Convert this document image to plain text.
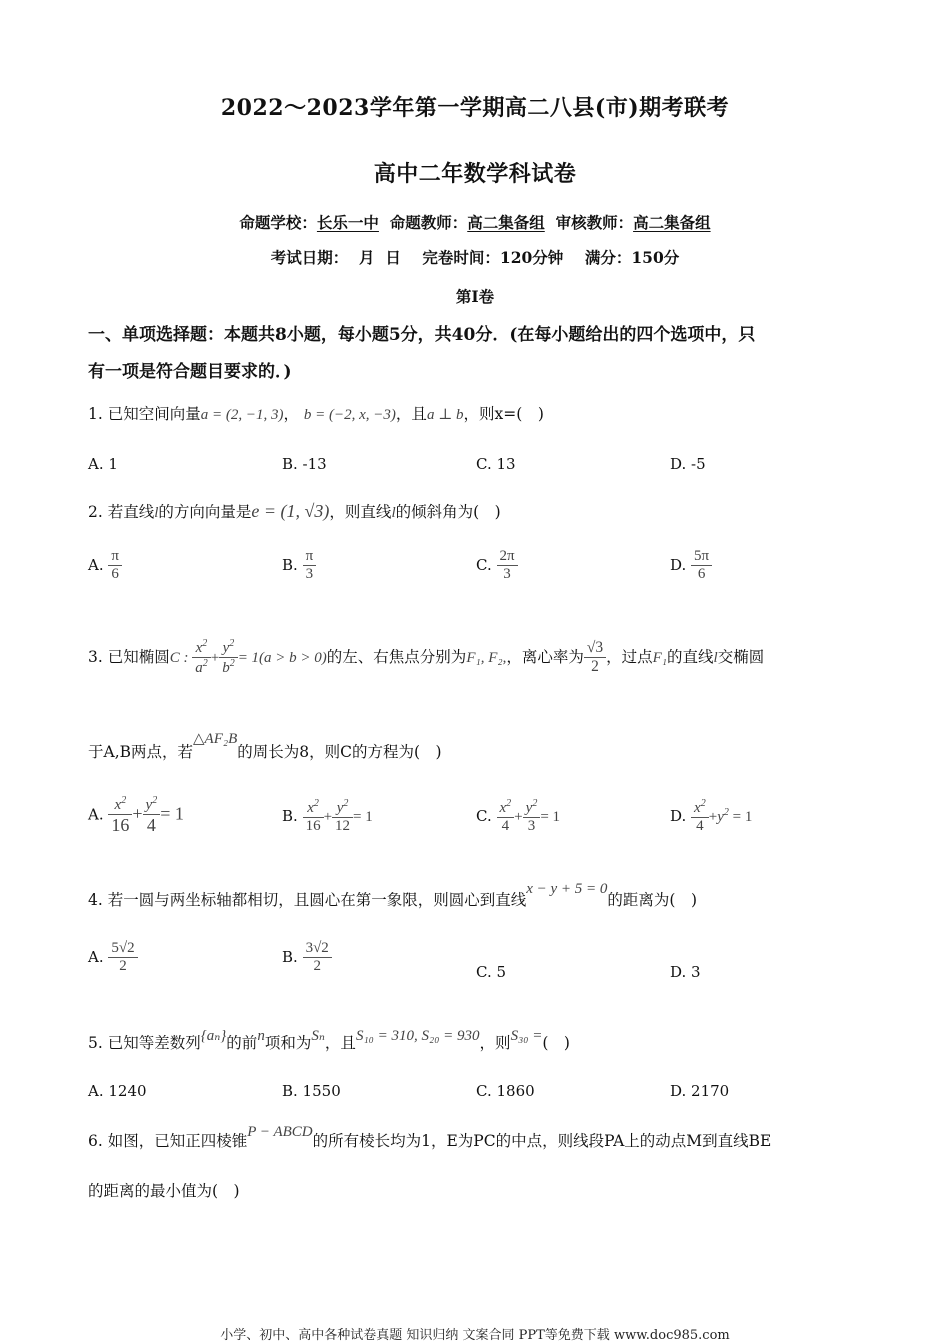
2022～2023学年第一学期高二八县(市)期考联考
高中二年数学科试卷
命题学校：长乐一中 命题教师：高二集备组 审核教师：高二集备组
考试日期：  月  日    完卷时间：120分钟    满分：150分
第I卷
一、单项选择题：本题共8小题，每小题5分，共40分．(在每小题给出的四个选项中，只
有一项是符合题目要求的．)
1. 已知空间向量a = (2, −1, 3)， b = (−2, x, −3)，且a ⊥ b，则x=(　)
A. 1	B. -13	C. 13	D. -5
2. 若直线l的方向向量是e = (1, √3)，则直线l的倾斜角为(　)
A. $\frac{\pi}{6}$	B. $\frac{\pi}{3}$	C. $\frac{2\pi}{3}$	D. $\frac{5\pi}{6}$
3. 已知椭圆C : $\frac{x^2}{a^2} + \frac{y^2}{b^2} = 1(a > b > 0)$的左、右焦点分别为F₁, F₂,，离心率为 $\frac{√3}{2}$ ，过点F₁的直线l交椭圆
于A,B两点，若△AF₂B的周长为8，则C的方程为(　)
A. $\frac{x^2}{16} + \frac{y^2}{4} = 1$	B. $\frac{x^2}{16} + \frac{y^2}{12} = 1$	C. $\frac{x^2}{4} + \frac{y^2}{3} = 1$	D. $\frac{x^2}{4} +y^2 = 1$
4. 若一圆与两坐标轴都相切，且圆心在第一象限，则圆心到直线x − y + 5 = 0的距离为(　)
A. $\frac{5√2}{2}$	B. $\frac{3√2}{2}$	C. 5	D. 3
5. 已知等差数列{aₙ}的前n项和为Sₙ，且S₁₀ = 310, S₂₀ = 930，则S₃₀ =(　)
A. 1240	B. 1550	C. 1860	D. 2170
6. 如图，已知正四棱锥P − ABCD的所有棱长均为1，E为PC的中点，则线段PA上的动点M到直线BE
的距离的最小值为(　)
小学、初中、高中各种试卷真题 知识归纳 文案合同 PPT等免费下载 www.doc985.com
